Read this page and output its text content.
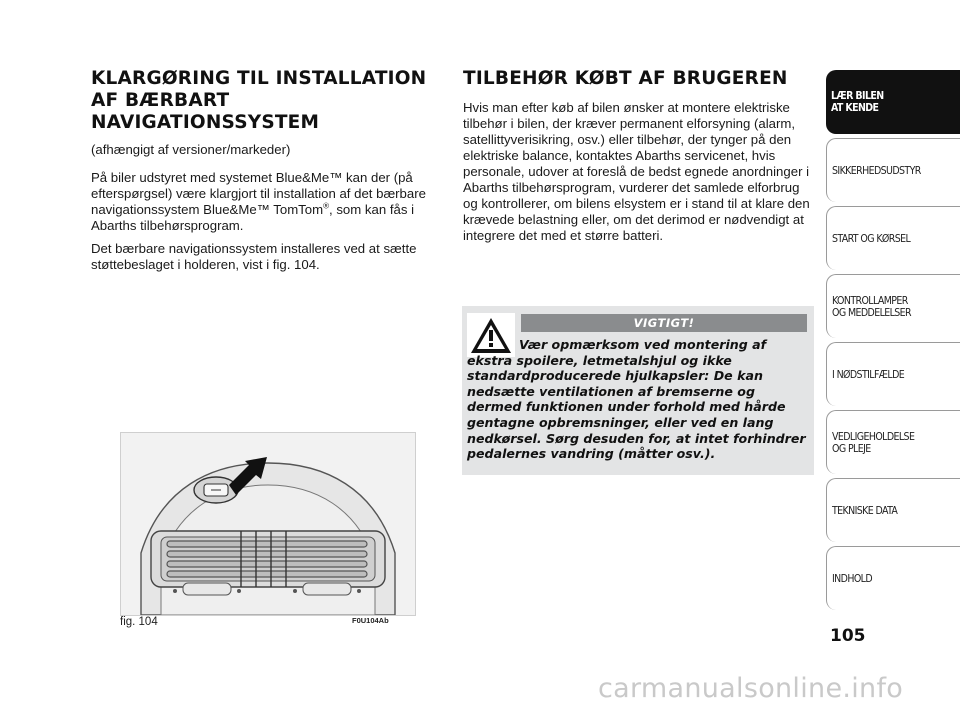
KLARGØRING TIL INSTALLATION
AF BÆRBART NAVIGATIONSSYSTEM

(afhængigt af versioner/markeder)

På biler udstyret med systemet Blue&Me™ kan der (på efterspørgsel) være klargjort til installation af det bærbare navigationssystem Blue&Me™ TomTom®, som kan fås i Abarths tilbehørsprogram.

Det bærbare navigationssystem installeres ved at sætte støttebeslaget i holderen, vist i fig. 104.

TILBEHØR KØBT AF BRUGEREN

Hvis man efter køb af bilen ønsker at montere elektriske tilbehør i bilen, der kræver permanent elforsyning (alarm, satellittyverisikring, osv.) eller tilbehør, der tynger på den elektriske balance, kontaktes Abarths servicenet, hvis personale, udover at foreslå de bedst egnede anordninger i Abarths tilbehørsprogram, vurderer det samlede elforbrug og kontrollerer, om bilens elsystem er i stand til at klare den krævede belastning eller, om det derimod er nødvendigt at integrere det med et større batteri.

VIGTIGT!

Vær opmærksom ved montering af ekstra spoilere, letmetalshjul og ikke standardproducerede hjulkapsler: De kan nedsætte ventilationen af bremserne og dermed funktionen under forhold med hårde gentagne opbremsninger, eller ved en lang nedkørsel. Sørg desuden for, at intet forhindrer pedalernes vandring (måtter osv.).

fig. 104	F0U104Ab
LÆR BILEN
AT KENDE
SIKKERHEDSUDSTYR
START OG KØRSEL
KONTROLLAMPER
OG MEDDELELSER
I NØDSTILFÆLDE
VEDLIGEHOLDELSE
OG PLEJE
TEKNISKE DATA
INDHOLD
105
carmanualsonline.info
